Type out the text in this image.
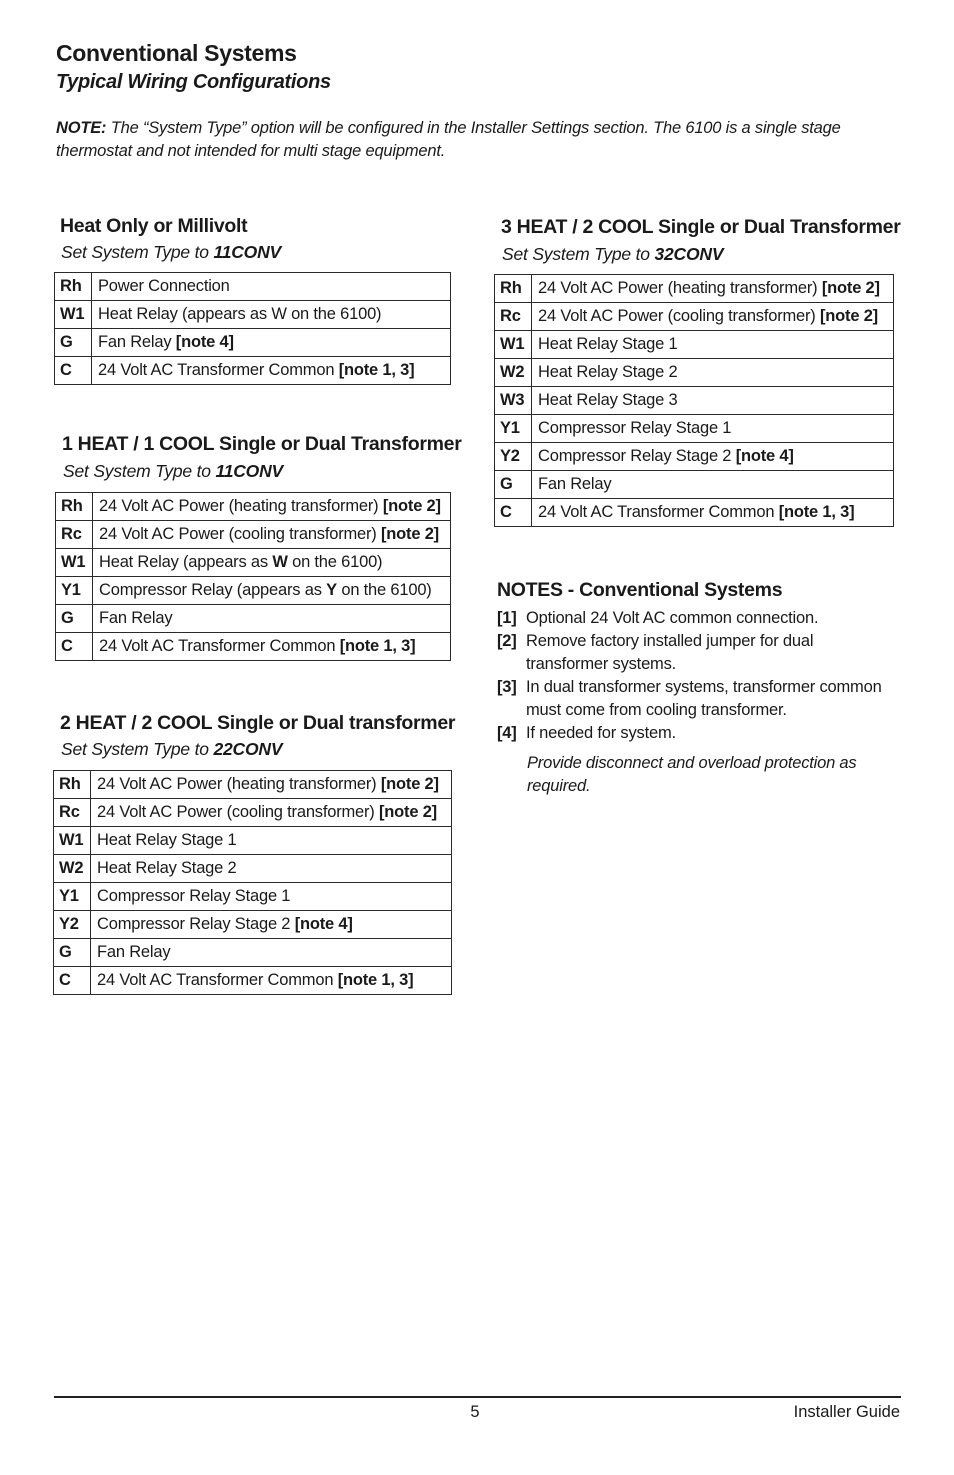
Conventional Systems
Typical Wiring Configurations
NOTE: The “System Type” option will be configured in the Installer Settings section. The 6100 is a single stage thermostat and not intended for multi stage equipment.
Heat Only or Millivolt
Set System Type to 11CONV
Rh	Power Connection
W1	Heat Relay (appears as W on the 6100)
G	Fan Relay [note 4]
C	24 Volt AC Transformer Common [note 1, 3]
1 HEAT / 1 COOL Single or Dual Transformer
Set System Type to 11CONV
Rh	24 Volt AC Power (heating transformer) [note 2]
Rc	24 Volt AC Power (cooling transformer) [note 2]
W1	Heat Relay (appears as W on the 6100)
Y1	Compressor Relay (appears as Y on the 6100)
G	Fan Relay
C	24 Volt AC Transformer Common [note 1, 3]
2 HEAT / 2 COOL Single or Dual transformer
Set System Type to 22CONV
Rh	24 Volt AC Power (heating transformer) [note 2]
Rc	24 Volt AC Power (cooling transformer) [note 2]
W1	Heat Relay Stage 1
W2	Heat Relay Stage 2
Y1	Compressor Relay Stage 1
Y2	Compressor Relay Stage 2 [note 4]
G	Fan Relay
C	24 Volt AC Transformer Common [note 1, 3]
3 HEAT / 2 COOL Single or Dual Transformer
Set System Type to 32CONV
Rh	24 Volt AC Power (heating transformer) [note 2]
Rc	24 Volt AC Power (cooling transformer) [note 2]
W1	Heat Relay Stage 1
W2	Heat Relay Stage 2
W3	Heat Relay Stage 3
Y1	Compressor Relay Stage 1
Y2	Compressor Relay Stage 2 [note 4]
G	Fan Relay
C	24 Volt AC Transformer Common [note 1, 3]
NOTES - Conventional Systems
[1] Optional 24 Volt AC common connection.
[2] Remove factory installed jumper for dual transformer systems.
[3] In dual transformer systems, transformer common must come from cooling transformer.
[4] If needed for system.
Provide disconnect and overload protection as required.
5	Installer Guide
